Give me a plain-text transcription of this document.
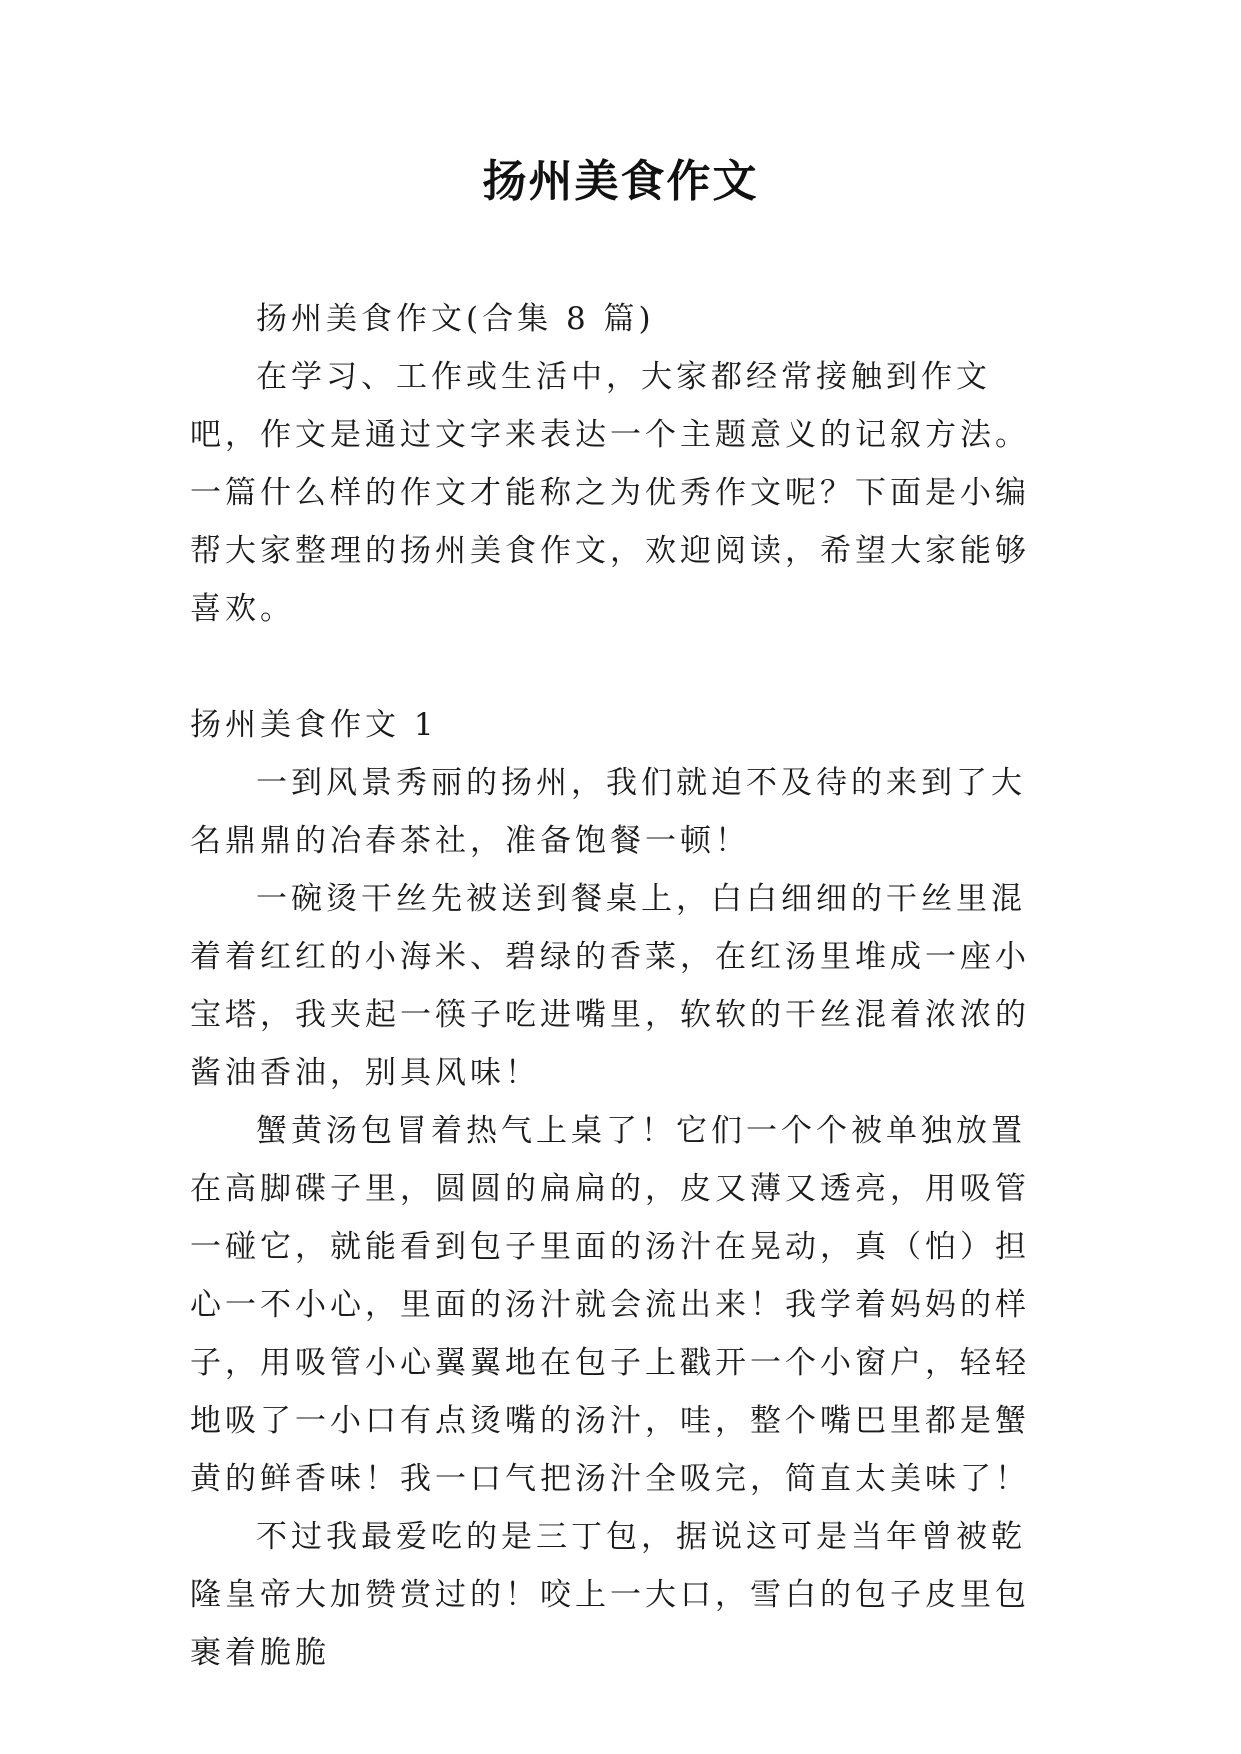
扬州美食作文

扬州美食作文(合集 8 篇)

在学习、工作或生活中，大家都经常接触到作文吧，作文是通过文字来表达一个主题意义的记叙方法。一篇什么样的作文才能称之为优秀作文呢？下面是小编帮大家整理的扬州美食作文，欢迎阅读，希望大家能够喜欢。

扬州美食作文 1

一到风景秀丽的扬州，我们就迫不及待的来到了大名鼎鼎的冶春茶社，准备饱餐一顿！

一碗烫干丝先被送到餐桌上，白白细细的干丝里混着着红红的小海米、碧绿的香菜，在红汤里堆成一座小宝塔，我夹起一筷子吃进嘴里，软软的干丝混着浓浓的酱油香油，别具风味！

蟹黄汤包冒着热气上桌了！它们一个个被单独放置在高脚碟子里，圆圆的扁扁的，皮又薄又透亮，用吸管一碰它，就能看到包子里面的汤汁在晃动，真（怕）担心一不小心，里面的汤汁就会流出来！我学着妈妈的样子，用吸管小心翼翼地在包子上戳开一个小窗户，轻轻地吸了一小口有点烫嘴的汤汁，哇，整个嘴巴里都是蟹黄的鲜香味！我一口气把汤汁全吸完，简直太美味了！

不过我最爱吃的是三丁包，据说这可是当年曾被乾隆皇帝大加赞赏过的！咬上一大口，雪白的包子皮里包裹着脆脆
